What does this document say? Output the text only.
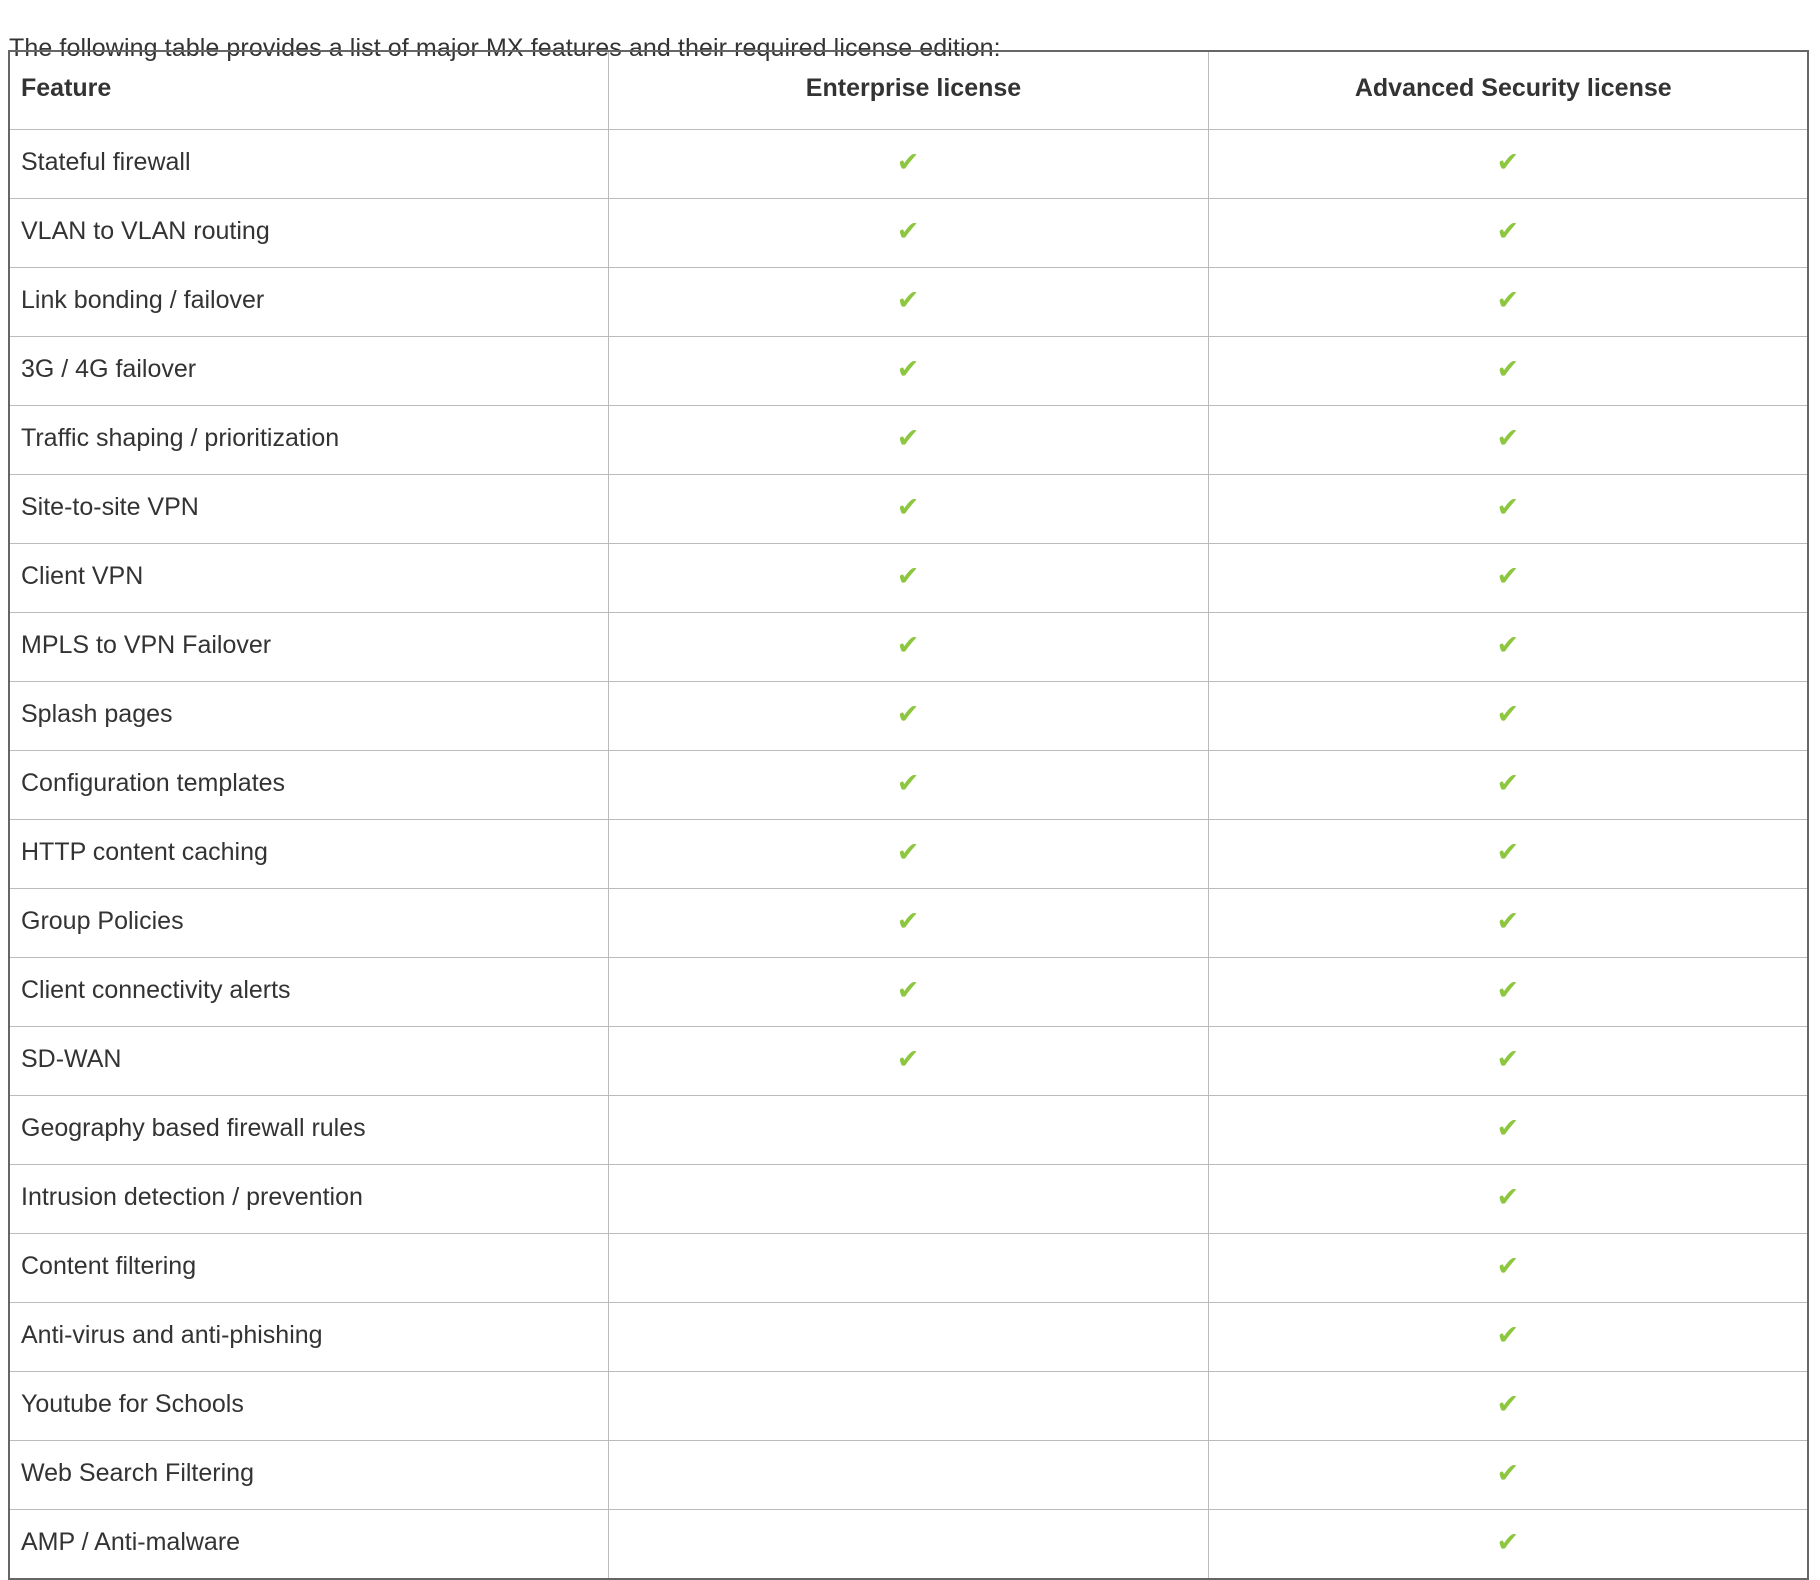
The following table provides a list of major MX features and their required license edition:

Feature	Enterprise license	Advanced Security license
Stateful firewall	✔	✔
VLAN to VLAN routing	✔	✔
Link bonding / failover	✔	✔
3G / 4G failover	✔	✔
Traffic shaping / prioritization	✔	✔
Site-to-site VPN	✔	✔
Client VPN	✔	✔
MPLS to VPN Failover	✔	✔
Splash pages	✔	✔
Configuration templates	✔	✔
HTTP content caching	✔	✔
Group Policies	✔	✔
Client connectivity alerts	✔	✔
SD-WAN	✔	✔
Geography based firewall rules		✔
Intrusion detection / prevention		✔
Content filtering		✔
Anti-virus and anti-phishing		✔
Youtube for Schools		✔
Web Search Filtering		✔
AMP / Anti-malware		✔
